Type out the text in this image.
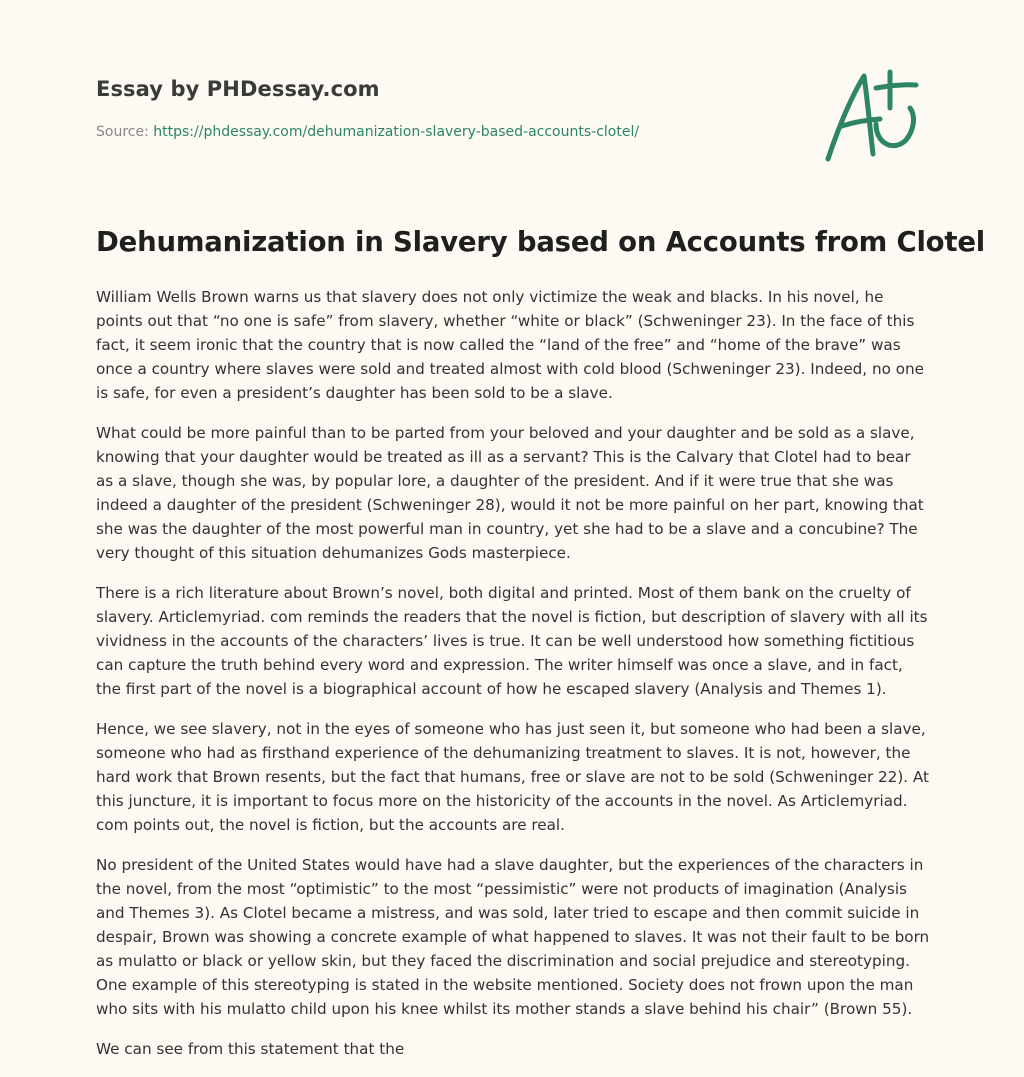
Essay by PHDessay.com
Source: https://phdessay.com/dehumanization-slavery-based-accounts-clotel/
Dehumanization in Slavery based on Accounts from Clotel

William Wells Brown warns us that slavery does not only victimize the weak and blacks. In his novel, he points out that “no one is safe” from slavery, whether “white or black” (Schweninger 23). In the face of this fact, it seem ironic that the country that is now called the “land of the free” and “home of the brave” was once a country where slaves were sold and treated almost with cold blood (Schweninger 23). Indeed, no one is safe, for even a president’s daughter has been sold to be a slave.

What could be more painful than to be parted from your beloved and your daughter and be sold as a slave, knowing that your daughter would be treated as ill as a servant? This is the Calvary that Clotel had to bear as a slave, though she was, by popular lore, a daughter of the president. And if it were true that she was indeed a daughter of the president (Schweninger 28), would it not be more painful on her part, knowing that she was the daughter of the most powerful man in country, yet she had to be a slave and a concubine? The very thought of this situation dehumanizes Gods masterpiece.

There is a rich literature about Brown’s novel, both digital and printed. Most of them bank on the cruelty of slavery. Articlemyriad. com reminds the readers that the novel is fiction, but description of slavery with all its vividness in the accounts of the characters’ lives is true. It can be well understood how something fictitious can capture the truth behind every word and expression. The writer himself was once a slave, and in fact, the first part of the novel is a biographical account of how he escaped slavery (Analysis and Themes 1).

Hence, we see slavery, not in the eyes of someone who has just seen it, but someone who had been a slave, someone who had as firsthand experience of the dehumanizing treatment to slaves. It is not, however, the hard work that Brown resents, but the fact that humans, free or slave are not to be sold (Schweninger 22). At this juncture, it is important to focus more on the historicity of the accounts in the novel. As Articlemyriad. com points out, the novel is fiction, but the accounts are real.

No president of the United States would have had a slave daughter, but the experiences of the characters in the novel, from the most “optimistic” to the most “pessimistic” were not products of imagination (Analysis and Themes 3). As Clotel became a mistress, and was sold, later tried to escape and then commit suicide in despair, Brown was showing a concrete example of what happened to slaves. It was not their fault to be born as mulatto or black or yellow skin, but they faced the discrimination and social prejudice and stereotyping. One example of this stereotyping is stated in the website mentioned. Society does not frown upon the man who sits with his mulatto child upon his knee whilst its mother stands a slave behind his chair” (Brown 55).

We can see from this statement that the
